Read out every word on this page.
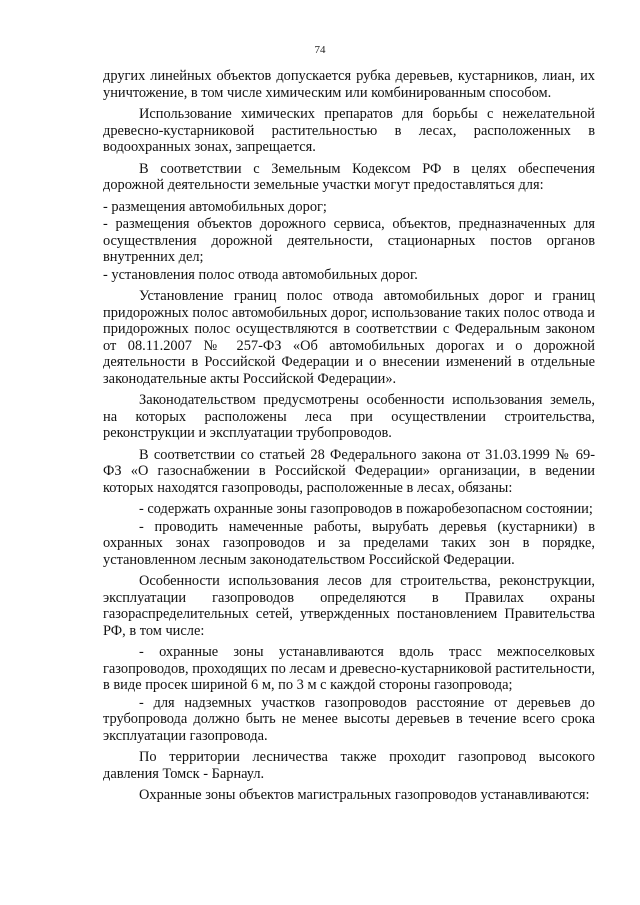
74

других линейных объектов допускается рубка деревьев, кустарников, лиан, их уничтожение, в том числе химическим или комбинированным способом.

Использование химических препаратов для борьбы с нежелательной древесно-кустарниковой растительностью в лесах, расположенных в водоохранных зонах, запрещается.

В соответствии с Земельным Кодексом РФ в целях обеспечения дорожной деятельности земельные участки могут предоставляться для:

- размещения автомобильных дорог;

- размещения объектов дорожного сервиса, объектов, предназначенных для осуществления дорожной деятельности, стационарных постов органов внутренних дел;

- установления полос отвода автомобильных дорог.

Установление границ полос отвода автомобильных дорог и границ придорожных полос автомобильных дорог, использование таких полос отвода и придорожных полос осуществляются в соответствии с Федеральным законом от 08.11.2007 № 257-ФЗ «Об автомобильных дорогах и о дорожной деятельности в Российской Федерации и о внесении изменений в отдельные законодательные акты Российской Федерации».

Законодательством предусмотрены особенности использования земель, на которых расположены леса при осуществлении строительства, реконструкции и эксплуатации трубопроводов.

В соответствии со статьей 28 Федерального закона от 31.03.1999 № 69-ФЗ «О газоснабжении в Российской Федерации» организации, в ведении которых находятся газопроводы, расположенные в лесах, обязаны:

- содержать охранные зоны газопроводов в пожаробезопасном состоянии;

- проводить намеченные работы, вырубать деревья (кустарники) в охранных зонах газопроводов и за пределами таких зон в порядке, установленном лесным законодательством Российской Федерации.

Особенности использования лесов для строительства, реконструкции, эксплуатации газопроводов определяются в Правилах охраны газораспределительных сетей, утвержденных постановлением Правительства РФ, в том числе:

- охранные зоны устанавливаются вдоль трасс межпоселковых газопроводов, проходящих по лесам и древесно-кустарниковой растительности, в виде просек шириной 6 м, по 3 м с каждой стороны газопровода;

- для надземных участков газопроводов расстояние от деревьев до трубопровода должно быть не менее высоты деревьев в течение всего срока эксплуатации газопровода.

По территории лесничества также проходит газопровод высокого давления Томск - Барнаул.

Охранные зоны объектов магистральных газопроводов устанавливаются:
